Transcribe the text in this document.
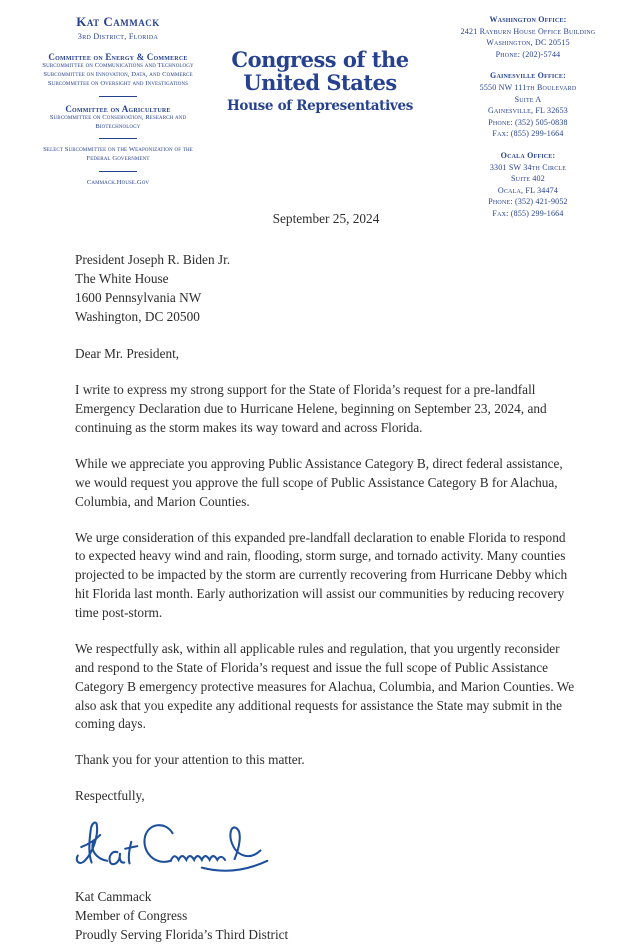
Kat Cammack
3rd District, Florida
Committee on Energy & Commerce
Subcommittee on Communications and Technology
Subcommittee on Innovation, Data, and Commerce
Subcommittee on Oversight and Investigations
Committee on Agriculture
Subcommittee on Conservation, Research and Biotechnology
Select Subcommittee on the Weaponization of the Federal Government
Cammack.House.Gov
Congress of the United States
House of Representatives
Washington Office:
2421 Rayburn House Office Building
Washington, DC 20515
Phone: (202)-5744
Gainesville Office:
5550 NW 111th Boulevard
Suite A
Gainesville, FL 32653
Phone: (352) 505-0838
Fax: (855) 299-1664
Ocala Office:
3301 SW 34th Circle
Suite 402
Ocala, FL 34474
Phone: (352) 421-9052
Fax: (855) 299-1664
September 25, 2024
President Joseph R. Biden Jr.
The White House
1600 Pennsylvania NW
Washington, DC 20500
Dear Mr. President,
I write to express my strong support for the State of Florida’s request for a pre-landfall Emergency Declaration due to Hurricane Helene, beginning on September 23, 2024, and continuing as the storm makes its way toward and across Florida.
While we appreciate you approving Public Assistance Category B, direct federal assistance, we would request you approve the full scope of Public Assistance Category B for Alachua, Columbia, and Marion Counties.
We urge consideration of this expanded pre-landfall declaration to enable Florida to respond to expected heavy wind and rain, flooding, storm surge, and tornado activity. Many counties projected to be impacted by the storm are currently recovering from Hurricane Debby which hit Florida last month. Early authorization will assist our communities by reducing recovery time post-storm.
We respectfully ask, within all applicable rules and regulation, that you urgently reconsider and respond to the State of Florida’s request and issue the full scope of Public Assistance Category B emergency protective measures for Alachua, Columbia, and Marion Counties. We also ask that you expedite any additional requests for assistance the State may submit in the coming days.
Thank you for your attention to this matter.
Respectfully,
Kat Cammack
Member of Congress
Proudly Serving Florida’s Third District
